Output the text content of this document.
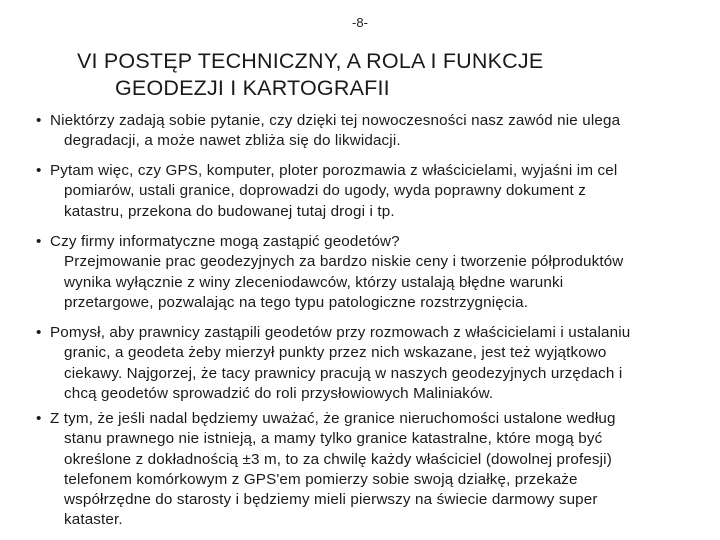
-8-
VI POSTĘP TECHNICZNY, A ROLA I FUNKCJE
GEODEZJI I KARTOGRAFII
• Niektórzy zadają sobie pytanie, czy dzięki tej nowoczesności nasz zawód nie ulega
degradacji, a może nawet zbliża się do likwidacji.
• Pytam więc, czy GPS, komputer, ploter porozmawia z właścicielami, wyjaśni im cel
pomiarów, ustali granice, doprowadzi do ugody, wyda poprawny dokument z
katastru, przekona do budowanej tutaj drogi i tp.
• Czy firmy informatyczne mogą zastąpić geodetów?
Przejmowanie prac geodezyjnych za bardzo niskie ceny i tworzenie półproduktów
wynika wyłącznie z winy zleceniodawców, którzy ustalają błędne warunki
przetargowe, pozwalając na tego typu patologiczne rozstrzygnięcia.
• Pomysł, aby prawnicy zastąpili geodetów przy rozmowach z właścicielami i ustalaniu
granic, a geodeta żeby mierzył punkty przez nich wskazane, jest też wyjątkowo
ciekawy. Najgorzej, że tacy prawnicy pracują w naszych geodezyjnych urzędach i
chcą geodetów sprowadzić do roli przysłowiowych Maliniaków.
• Z tym, że jeśli nadal będziemy uważać, że granice nieruchomości ustalone według
stanu prawnego nie istnieją, a mamy tylko granice katastralne, które mogą być
określone z dokładnością ±3 m, to za chwilę każdy właściciel (dowolnej profesji)
telefonem komórkowym z GPS'em pomierzy sobie swoją działkę, przekaże
współrzędne do starosty i będziemy mieli pierwszy na świecie darmowy super
kataster.
